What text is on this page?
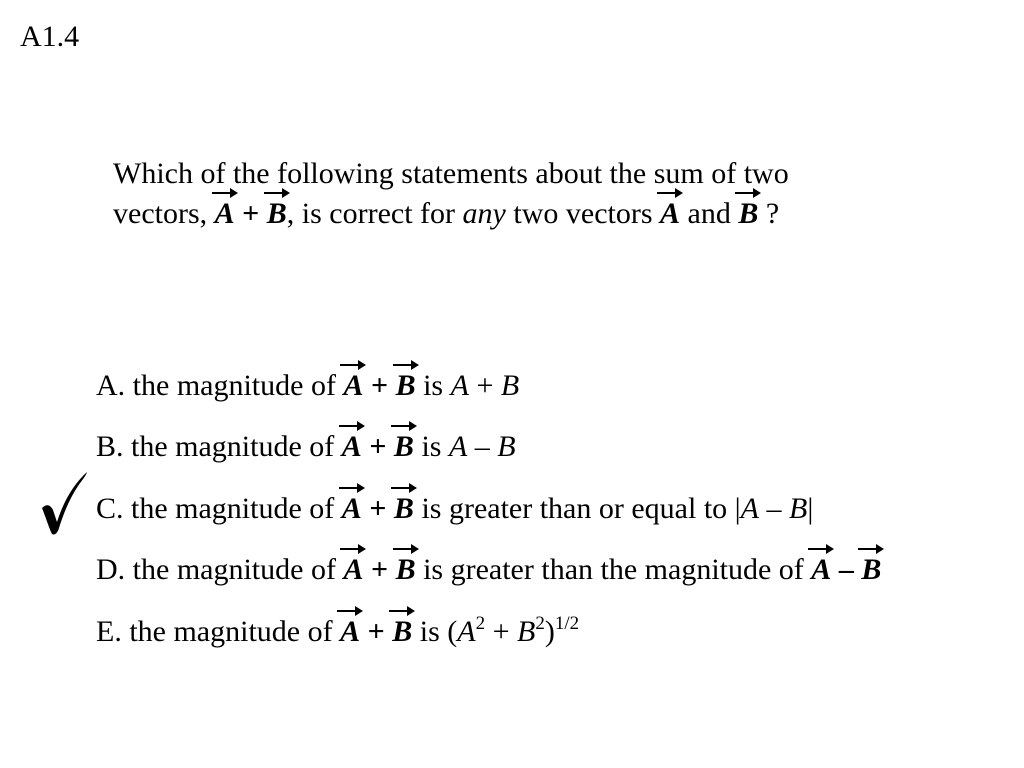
A1.4
Which of the following statements about the sum of two
vectors, A + B, is correct for any two vectors A and B ?
A. the magnitude of A + B is A + B
B. the magnitude of A + B is A – B
C. the magnitude of A + B is greater than or equal to |A – B|
D. the magnitude of A + B is greater than the magnitude of A – B
E. the magnitude of A + B is $(A^2 + B^2)^{1/2}$
